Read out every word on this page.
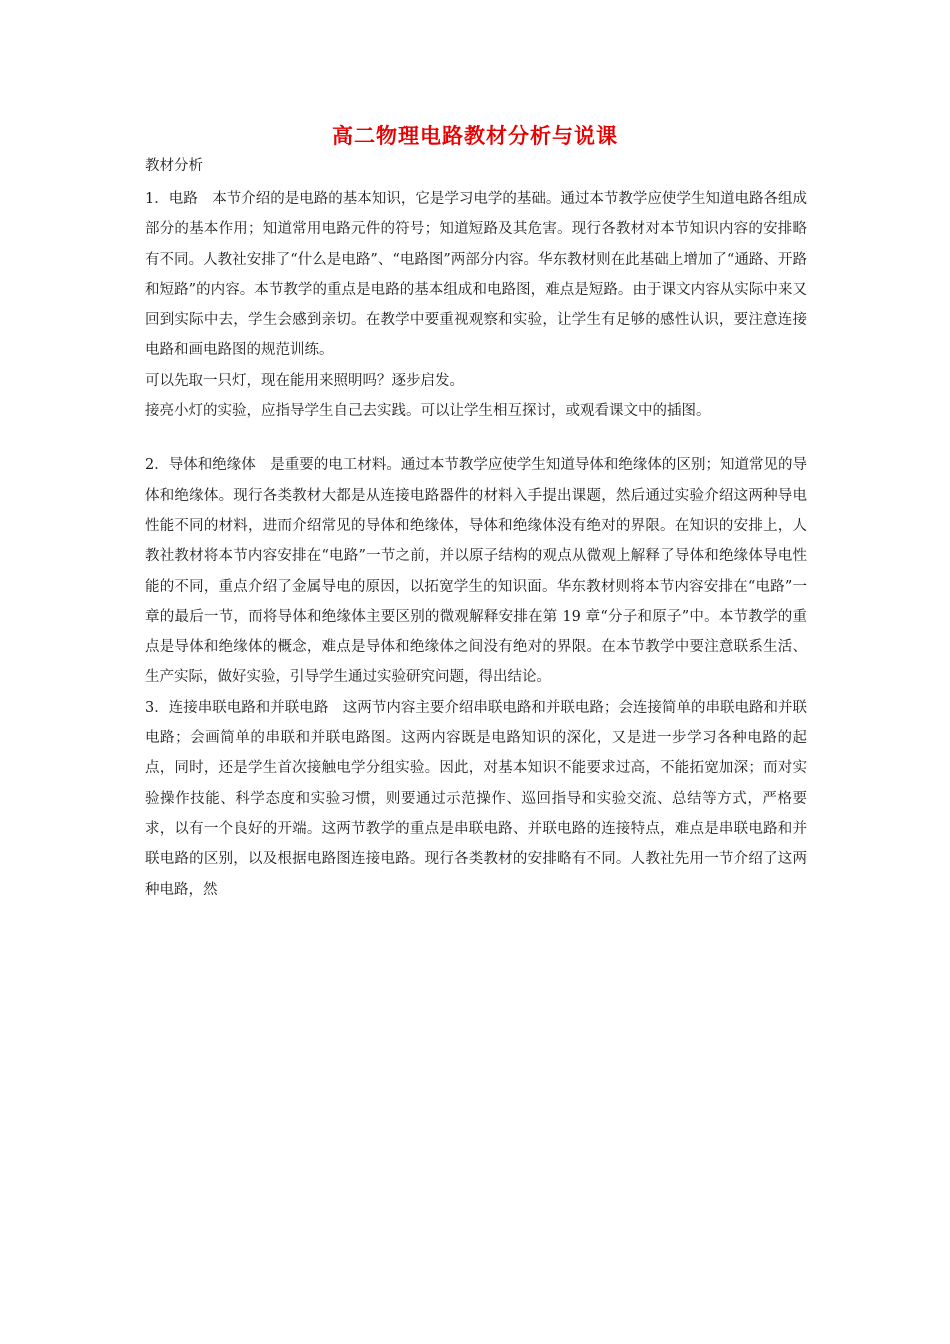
高二物理电路教材分析与说课
教材分析

1．电路　本节介绍的是电路的基本知识，它是学习电学的基础。通过本节教学应使学生知道电路各组成部分的基本作用；知道常用电路元件的符号；知道短路及其危害。现行各教材对本节知识内容的安排略有不同。人教社安排了“什么是电路”、“电路图”两部分内容。华东教材则在此基础上增加了“通路、开路和短路”的内容。本节教学的重点是电路的基本组成和电路图，难点是短路。由于课文内容从实际中来又回到实际中去，学生会感到亲切。在教学中要重视观察和实验，让学生有足够的感性认识，要注意连接电路和画电路图的规范训练。

可以先取一只灯，现在能用来照明吗？逐步启发。

接亮小灯的实验，应指导学生自己去实践。可以让学生相互探讨，或观看课文中的插图。

2．导体和绝缘体　是重要的电工材料。通过本节教学应使学生知道导体和绝缘体的区别；知道常见的导体和绝缘体。现行各类教材大都是从连接电路器件的材料入手提出课题，然后通过实验介绍这两种导电性能不同的材料，进而介绍常见的导体和绝缘体，导体和绝缘体没有绝对的界限。在知识的安排上，人教社教材将本节内容安排在“电路”一节之前，并以原子结构的观点从微观上解释了导体和绝缘体导电性能的不同，重点介绍了金属导电的原因，以拓宽学生的知识面。华东教材则将本节内容安排在“电路”一章的最后一节，而将导体和绝缘体主要区别的微观解释安排在第 19 章“分子和原子”中。本节教学的重点是导体和绝缘体的概念，难点是导体和绝缘体之间没有绝对的界限。在本节教学中要注意联系生活、生产实际，做好实验，引导学生通过实验研究问题，得出结论。

3．连接串联电路和并联电路　这两节内容主要介绍串联电路和并联电路；会连接简单的串联电路和并联电路；会画简单的串联和并联电路图。这两内容既是电路知识的深化，又是进一步学习各种电路的起点，同时，还是学生首次接触电学分组实验。因此，对基本知识不能要求过高，不能拓宽加深；而对实验操作技能、科学态度和实验习惯，则要通过示范操作、巡回指导和实验交流、总结等方式，严格要求，以有一个良好的开端。这两节教学的重点是串联电路、并联电路的连接特点，难点是串联电路和并联电路的区别，以及根据电路图连接电路。现行各类教材的安排略有不同。人教社先用一节介绍了这两种电路，然
